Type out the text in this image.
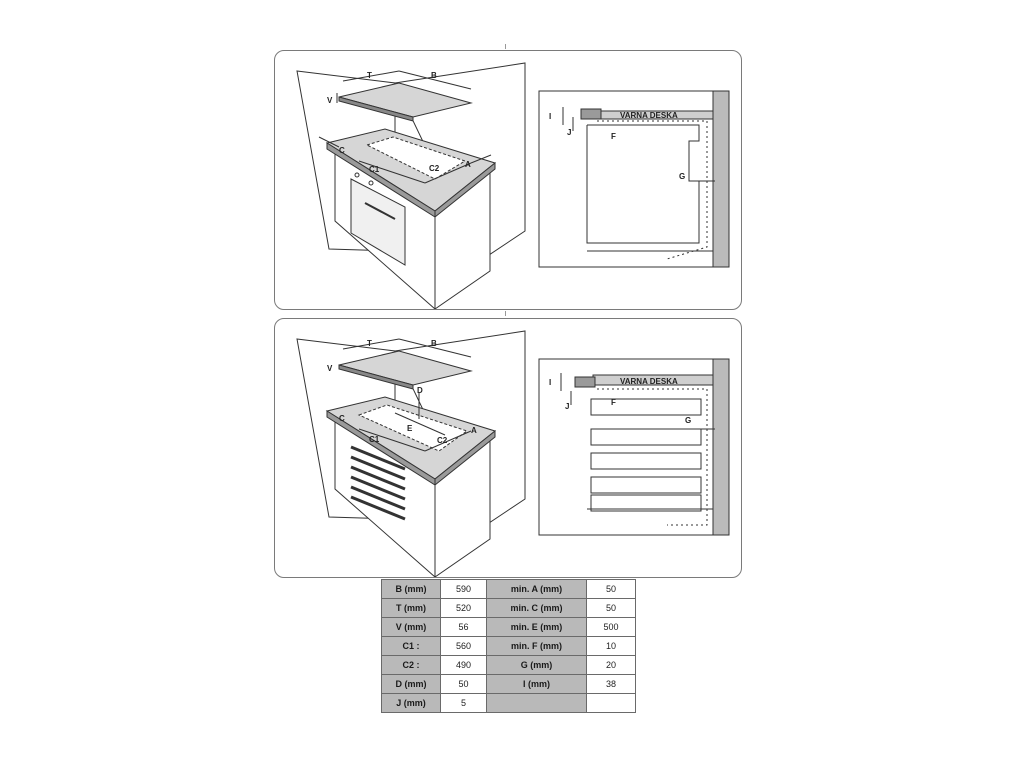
T	B
V
C
C1	C2	A
VARNA DESKA
I
J	F
G
T	B
V
D
E
C
C1	C2
A
VARNA DESKA
I
J	F
G
B (mm)	590	min. A (mm)	50
T (mm)	520	min. C (mm)	50
V (mm)	56	min. E (mm)	500
C1 :	560	min. F (mm)	10
C2 :	490	G (mm)	20
D (mm)	50	I (mm)	38
J (mm)	5		
